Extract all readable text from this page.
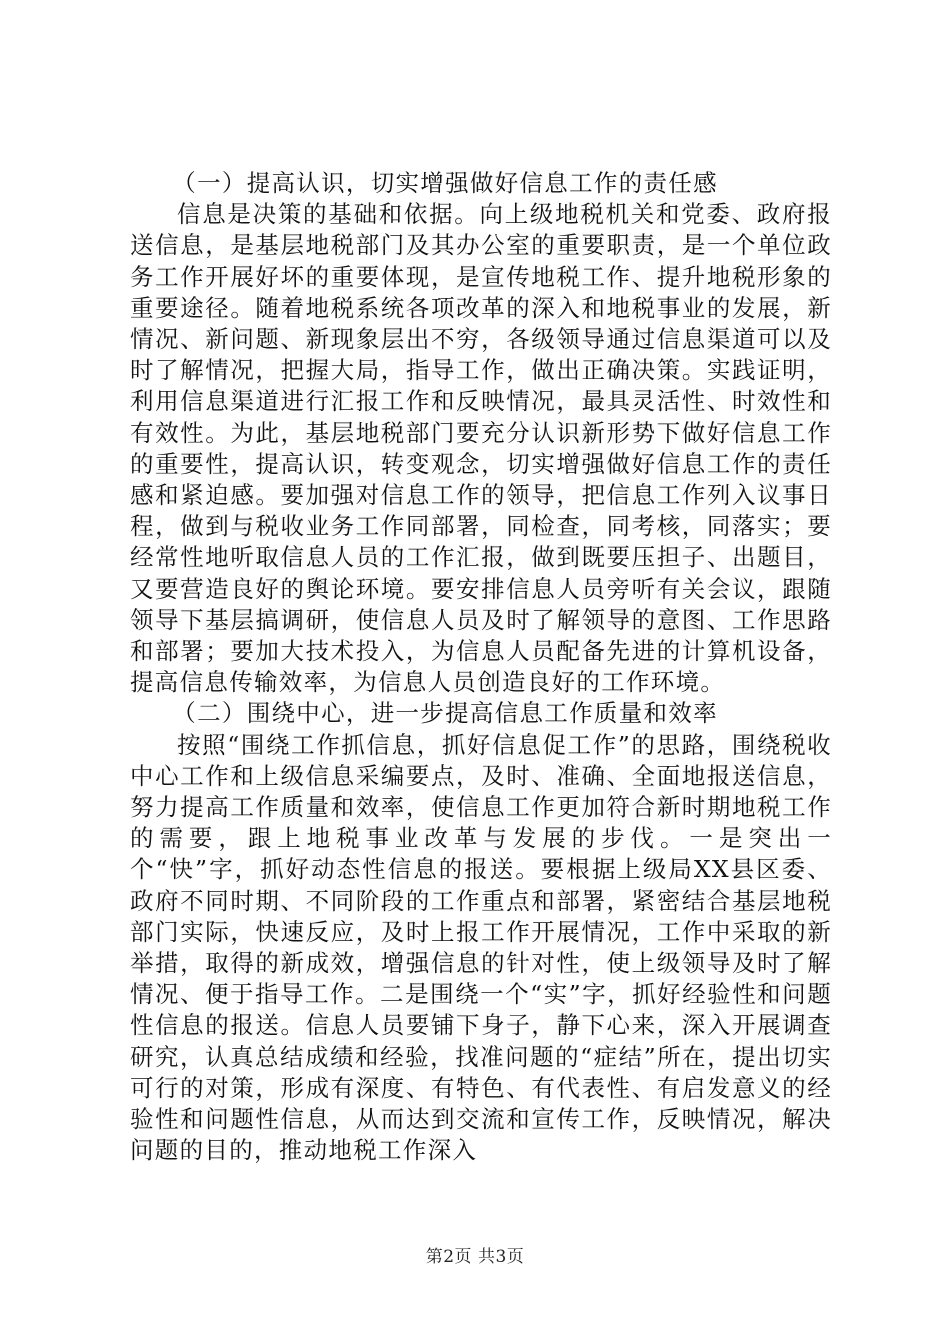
（一）提高认识，切实增强做好信息工作的责任感

信息是决策的基础和依据。向上级地税机关和党委、政府报送信息，是基层地税部门及其办公室的重要职责，是一个单位政务工作开展好坏的重要体现，是宣传地税工作、提升地税形象的重要途径。随着地税系统各项改革的深入和地税事业的发展，新情况、新问题、新现象层出不穷，各级领导通过信息渠道可以及时了解情况，把握大局，指导工作，做出正确决策。实践证明，利用信息渠道进行汇报工作和反映情况，最具灵活性、时效性和有效性。为此，基层地税部门要充分认识新形势下做好信息工作的重要性，提高认识，转变观念，切实增强做好信息工作的责任感和紧迫感。要加强对信息工作的领导，把信息工作列入议事日程，做到与税收业务工作同部署，同检查，同考核，同落实；要经常性地听取信息人员的工作汇报，做到既要压担子、出题目，又要营造良好的舆论环境。要安排信息人员旁听有关会议，跟随领导下基层搞调研，使信息人员及时了解领导的意图、工作思路和部署；要加大技术投入，为信息人员配备先进的计算机设备，提高信息传输效率，为信息人员创造良好的工作环境。

（二）围绕中心，进一步提高信息工作质量和效率

按照“围绕工作抓信息，抓好信息促工作”的思路，围绕税收中心工作和上级信息采编要点，及时、准确、全面地报送信息，努力提高工作质量和效率，使信息工作更加符合新时期地税工作的需要，跟上地税事业改革与发展的步伐。一是突出一个“快”字，抓好动态性信息的报送。要根据上级局XX县区委、政府不同时期、不同阶段的工作重点和部署，紧密结合基层地税部门实际，快速反应，及时上报工作开展情况，工作中采取的新举措，取得的新成效，增强信息的针对性，使上级领导及时了解情况、便于指导工作。二是围绕一个“实”字，抓好经验性和问题性信息的报送。信息人员要铺下身子，静下心来，深入开展调查研究，认真总结成绩和经验，找准问题的“症结”所在，提出切实可行的对策，形成有深度、有特色、有代表性、有启发意义的经验性和问题性信息，从而达到交流和宣传工作，反映情况，解决问题的目的，推动地税工作深入

第2页 共3页
